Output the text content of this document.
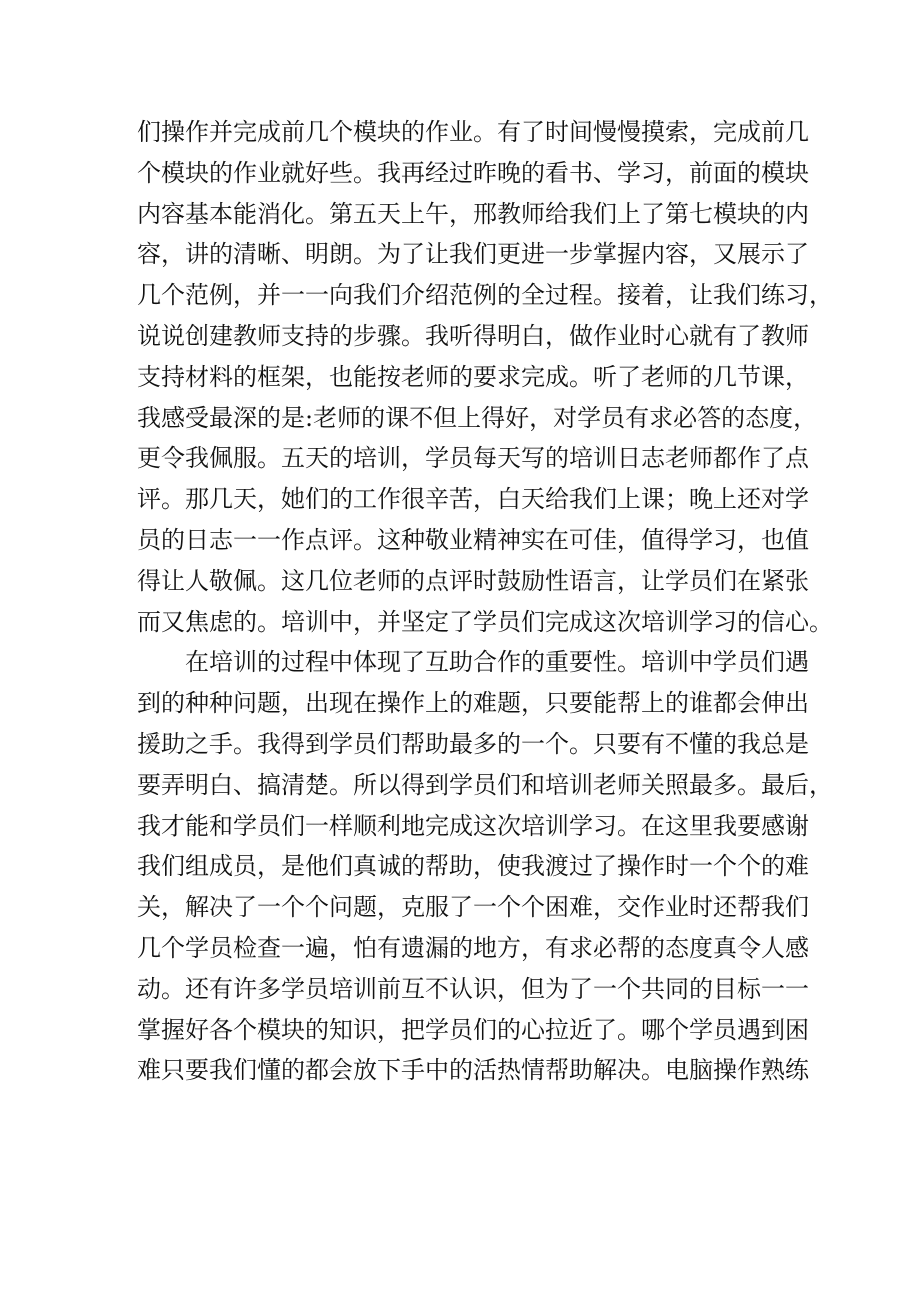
们操作并完成前几个模块的作业。有了时间慢慢摸索，完成前几
个模块的作业就好些。我再经过昨晚的看书、学习，前面的模块
内容基本能消化。第五天上午，邢教师给我们上了第七模块的内
容，讲的清晰、明朗。为了让我们更进一步掌握内容，又展示了
几个范例，并一一向我们介绍范例的全过程。接着，让我们练习，
说说创建教师支持的步骤。我听得明白，做作业时心就有了教师
支持材料的框架，也能按老师的要求完成。听了老师的几节课，
我感受最深的是:老师的课不但上得好，对学员有求必答的态度，
更令我佩服。五天的培训，学员每天写的培训日志老师都作了点
评。那几天，她们的工作很辛苦，白天给我们上课；晚上还对学
员的日志一一作点评。这种敬业精神实在可佳，值得学习，也值
得让人敬佩。这几位老师的点评时鼓励性语言，让学员们在紧张
而又焦虑的。培训中，并坚定了学员们完成这次培训学习的信心。
在培训的过程中体现了互助合作的重要性。培训中学员们遇
到的种种问题，出现在操作上的难题，只要能帮上的谁都会伸出
援助之手。我得到学员们帮助最多的一个。只要有不懂的我总是
要弄明白、搞清楚。所以得到学员们和培训老师关照最多。最后，
我才能和学员们一样顺利地完成这次培训学习。在这里我要感谢
我们组成员，是他们真诚的帮助，使我渡过了操作时一个个的难
关，解决了一个个问题，克服了一个个困难，交作业时还帮我们
几个学员检查一遍，怕有遗漏的地方，有求必帮的态度真令人感
动。还有许多学员培训前互不认识，但为了一个共同的目标一一
掌握好各个模块的知识，把学员们的心拉近了。哪个学员遇到困
难只要我们懂的都会放下手中的活热情帮助解决。电脑操作熟练
